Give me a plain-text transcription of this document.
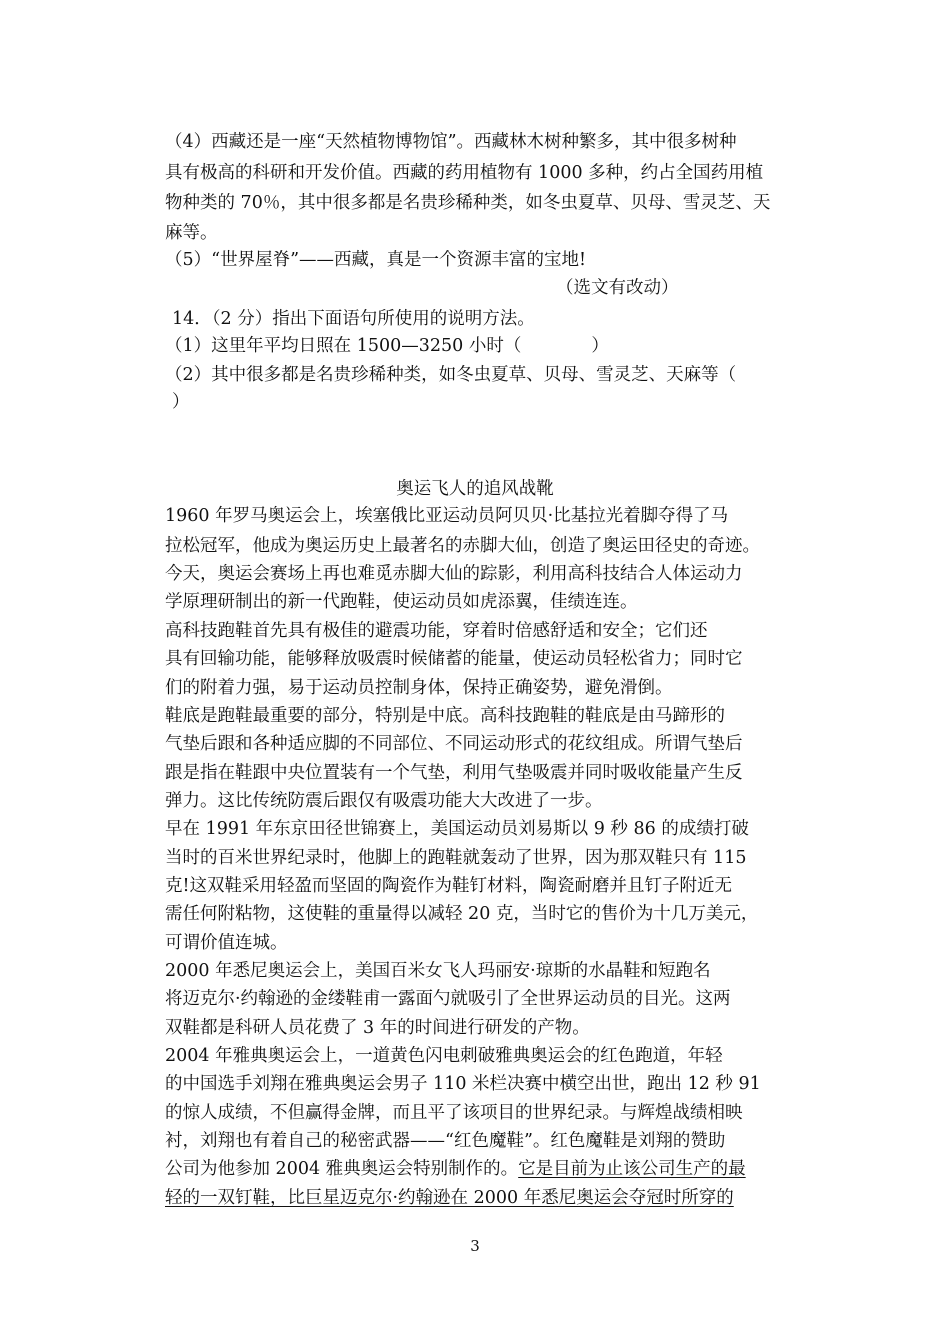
（4）西藏还是一座“天然植物博物馆”。西藏林木树种繁多，其中很多树种
具有极高的科研和开发价值。西藏的药用植物有 1000 多种，约占全国药用植
物种类的 70％，其中很多都是名贵珍稀种类，如冬虫夏草、贝母、雪灵芝、天
麻等。
（5）“世界屋脊”——西藏，真是一个资源丰富的宝地!
（选文有改动）
14．（2 分）指出下面语句所使用的说明方法。
（1）这里年平均日照在 1500—3250 小时（　　　　）
（2）其中很多都是名贵珍稀种类，如冬虫夏草、贝母、雪灵芝、天麻等（
）
奥运飞人的追风战靴
1960 年罗马奥运会上，埃塞俄比亚运动员阿贝贝·比基拉光着脚夺得了马
拉松冠军，他成为奥运历史上最著名的赤脚大仙，创造了奥运田径史的奇迹。
今天，奥运会赛场上再也难觅赤脚大仙的踪影，利用高科技结合人体运动力
学原理研制出的新一代跑鞋，使运动员如虎添翼，佳绩连连。
高科技跑鞋首先具有极佳的避震功能，穿着时倍感舒适和安全；它们还
具有回输功能，能够释放吸震时候储蓄的能量，使运动员轻松省力；同时它
们的附着力强，易于运动员控制身体，保持正确姿势，避免滑倒。
鞋底是跑鞋最重要的部分，特别是中底。高科技跑鞋的鞋底是由马蹄形的
气垫后跟和各种适应脚的不同部位、不同运动形式的花纹组成。所谓气垫后
跟是指在鞋跟中央位置装有一个气垫，利用气垫吸震并同时吸收能量产生反
弹力。这比传统防震后跟仅有吸震功能大大改进了一步。
早在 1991 年东京田径世锦赛上，美国运动员刘易斯以 9 秒 86 的成绩打破
当时的百米世界纪录时，他脚上的跑鞋就轰动了世界，因为那双鞋只有 115
克!这双鞋采用轻盈而坚固的陶瓷作为鞋钉材料，陶瓷耐磨并且钉子附近无
需任何附粘物，这使鞋的重量得以减轻 20 克，当时它的售价为十几万美元，
可谓价值连城。
2000 年悉尼奥运会上，美国百米女飞人玛丽安·琼斯的水晶鞋和短跑名
将迈克尔·约翰逊的金缕鞋甫一露面勺就吸引了全世界运动员的目光。这两
双鞋都是科研人员花费了 3 年的时间进行研发的产物。
2004 年雅典奥运会上，一道黄色闪电刺破雅典奥运会的红色跑道，年轻
的中国选手刘翔在雅典奥运会男子 110 米栏决赛中横空出世，跑出 12 秒 91
的惊人成绩，不但赢得金牌，而且平了该项目的世界纪录。与辉煌战绩相映
衬，刘翔也有着自己的秘密武器——“红色魔鞋”。红色魔鞋是刘翔的赞助
公司为他参加 2004 雅典奥运会特别制作的。它是目前为止该公司生产的最
轻的一双钉鞋，比巨星迈克尔·约翰逊在 2000 年悉尼奥运会夺冠时所穿的
3
